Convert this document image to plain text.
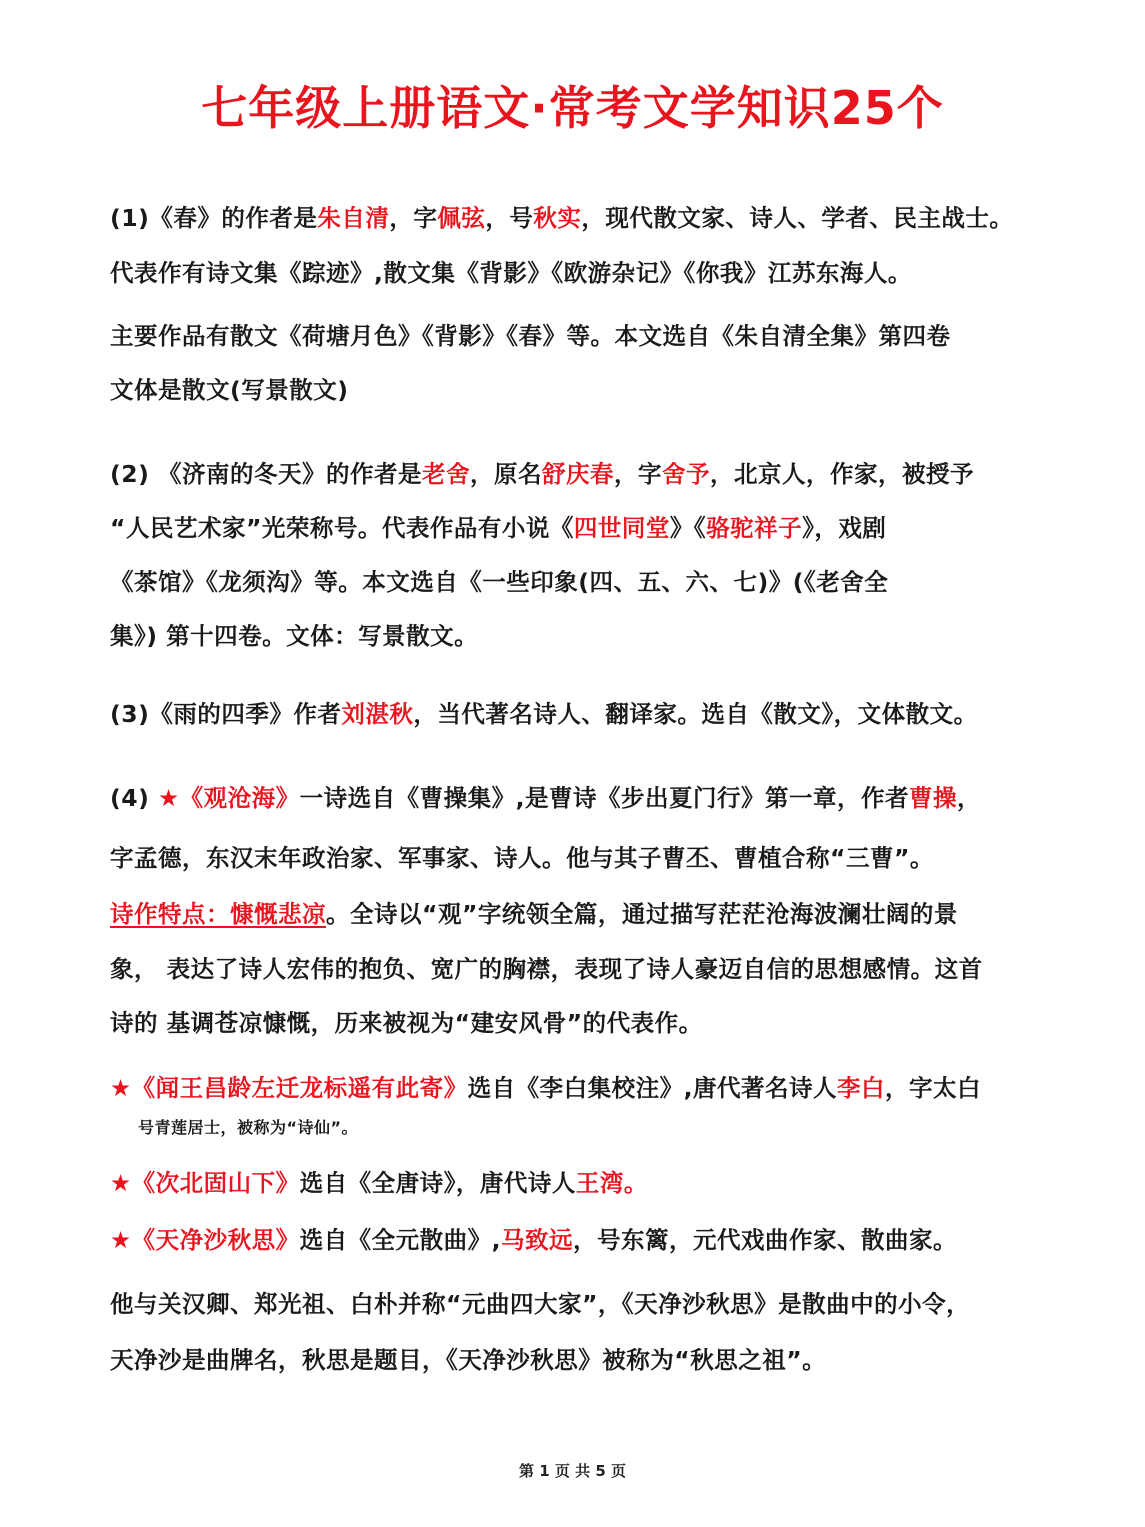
七年级上册语文·常考文学知识25个
(1)《春》的作者是朱自清，字佩弦，号秋实，现代散文家、诗人、学者、民主战士。
代表作有诗文集《踪迹》,散文集《背影》《欧游杂记》《你我》江苏东海人。
主要作品有散文《荷塘月色》《背影》《春》等。本文选自《朱自清全集》第四卷
文体是散文(写景散文)
(2) 《济南的冬天》的作者是老舍，原名舒庆春，字舍予，北京人，作家，被授予
“人民艺术家”光荣称号。代表作品有小说《四世同堂》《骆驼祥子》，戏剧
《茶馆》《龙须沟》等。本文选自《一些印象(四、五、六、七)》(《老舍全
集》) 第十四卷。文体：写景散文。
(3)《雨的四季》作者刘湛秋，当代著名诗人、翻译家。选自《散文》，文体散文。
(4) ★《观沧海》一诗选自《曹操集》,是曹诗《步出夏门行》第一章，作者曹操，
字孟德，东汉末年政治家、军事家、诗人。他与其子曹丕、曹植合称“三曹”。
诗作特点：慷慨悲凉。全诗以“观”字统领全篇，通过描写茫茫沧海波澜壮阔的景
象， 表达了诗人宏伟的抱负、宽广的胸襟，表现了诗人豪迈自信的思想感情。这首
诗的 基调苍凉慷慨，历来被视为“建安风骨”的代表作。
★《闻王昌龄左迁龙标遥有此寄》选自《李白集校注》,唐代著名诗人李白，字太白
号青莲居士，被称为“诗仙”。
★《次北固山下》选自《全唐诗》，唐代诗人王湾。
★《天净沙秋思》选自《全元散曲》,马致远，号东篱，元代戏曲作家、散曲家。
他与关汉卿、郑光祖、白朴并称“元曲四大家”，《天净沙秋思》是散曲中的小令，
天净沙是曲牌名，秋思是题目，《天净沙秋思》被称为“秋思之祖”。
第 1 页 共 5 页
